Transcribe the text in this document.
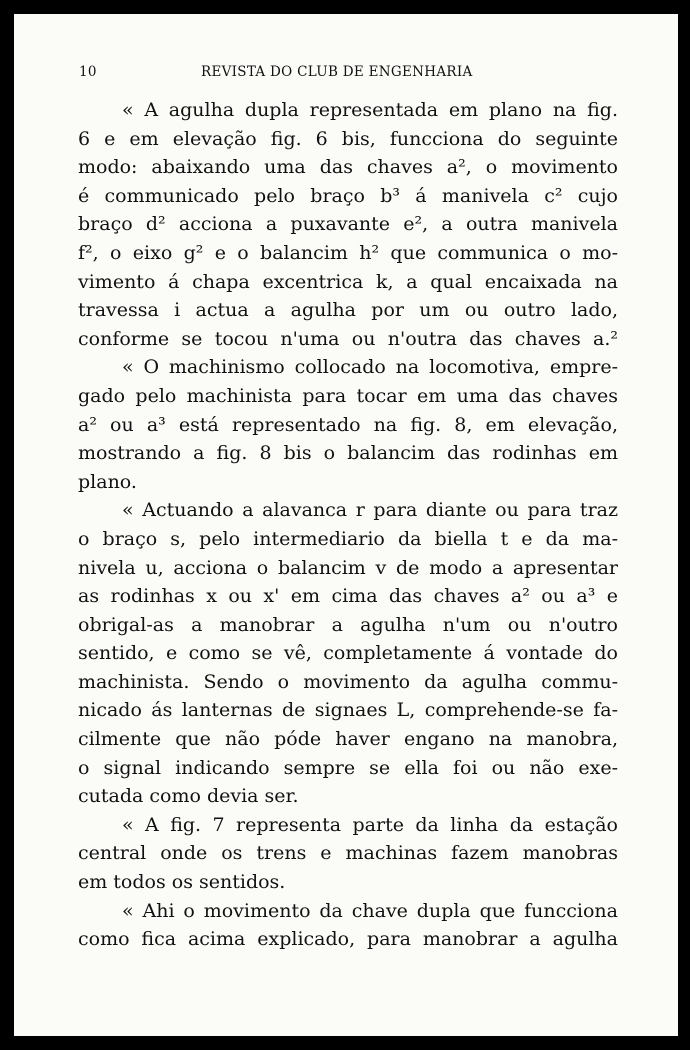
10	REVISTA DO CLUB DE ENGENHARIA
« A agulha dupla representada em plano na fig.
6 e em elevação fig. 6 bis, funcciona do seguinte
modo: abaixando uma das chaves a², o movimento
é communicado pelo braço b³ á manivela c² cujo
braço d² acciona a puxavante e², a outra manivela
f², o eixo g² e o balancim h² que communica o mo-
vimento á chapa excentrica k, a qual encaixada na
travessa i actua a agulha por um ou outro lado,
conforme se tocou n'uma ou n'outra das chaves a.²
« O machinismo collocado na locomotiva, empre-
gado pelo machinista para tocar em uma das chaves
a² ou a³ está representado na fig. 8, em elevação,
mostrando a fig. 8 bis o balancim das rodinhas em
plano.
« Actuando a alavanca r para diante ou para traz
o braço s, pelo intermediario da biella t e da ma-
nivela u, acciona o balancim v de modo a apresentar
as rodinhas x ou x' em cima das chaves a² ou a³ e
obrigal-as a manobrar a agulha n'um ou n'outro
sentido, e como se vê, completamente á vontade do
machinista. Sendo o movimento da agulha commu-
nicado ás lanternas de signaes L, comprehende-se fa-
cilmente que não póde haver engano na manobra,
o signal indicando sempre se ella foi ou não exe-
cutada como devia ser.
« A fig. 7 representa parte da linha da estação
central onde os trens e machinas fazem manobras
em todos os sentidos.
« Ahi o movimento da chave dupla que funcciona
como fica acima explicado, para manobrar a agulha
